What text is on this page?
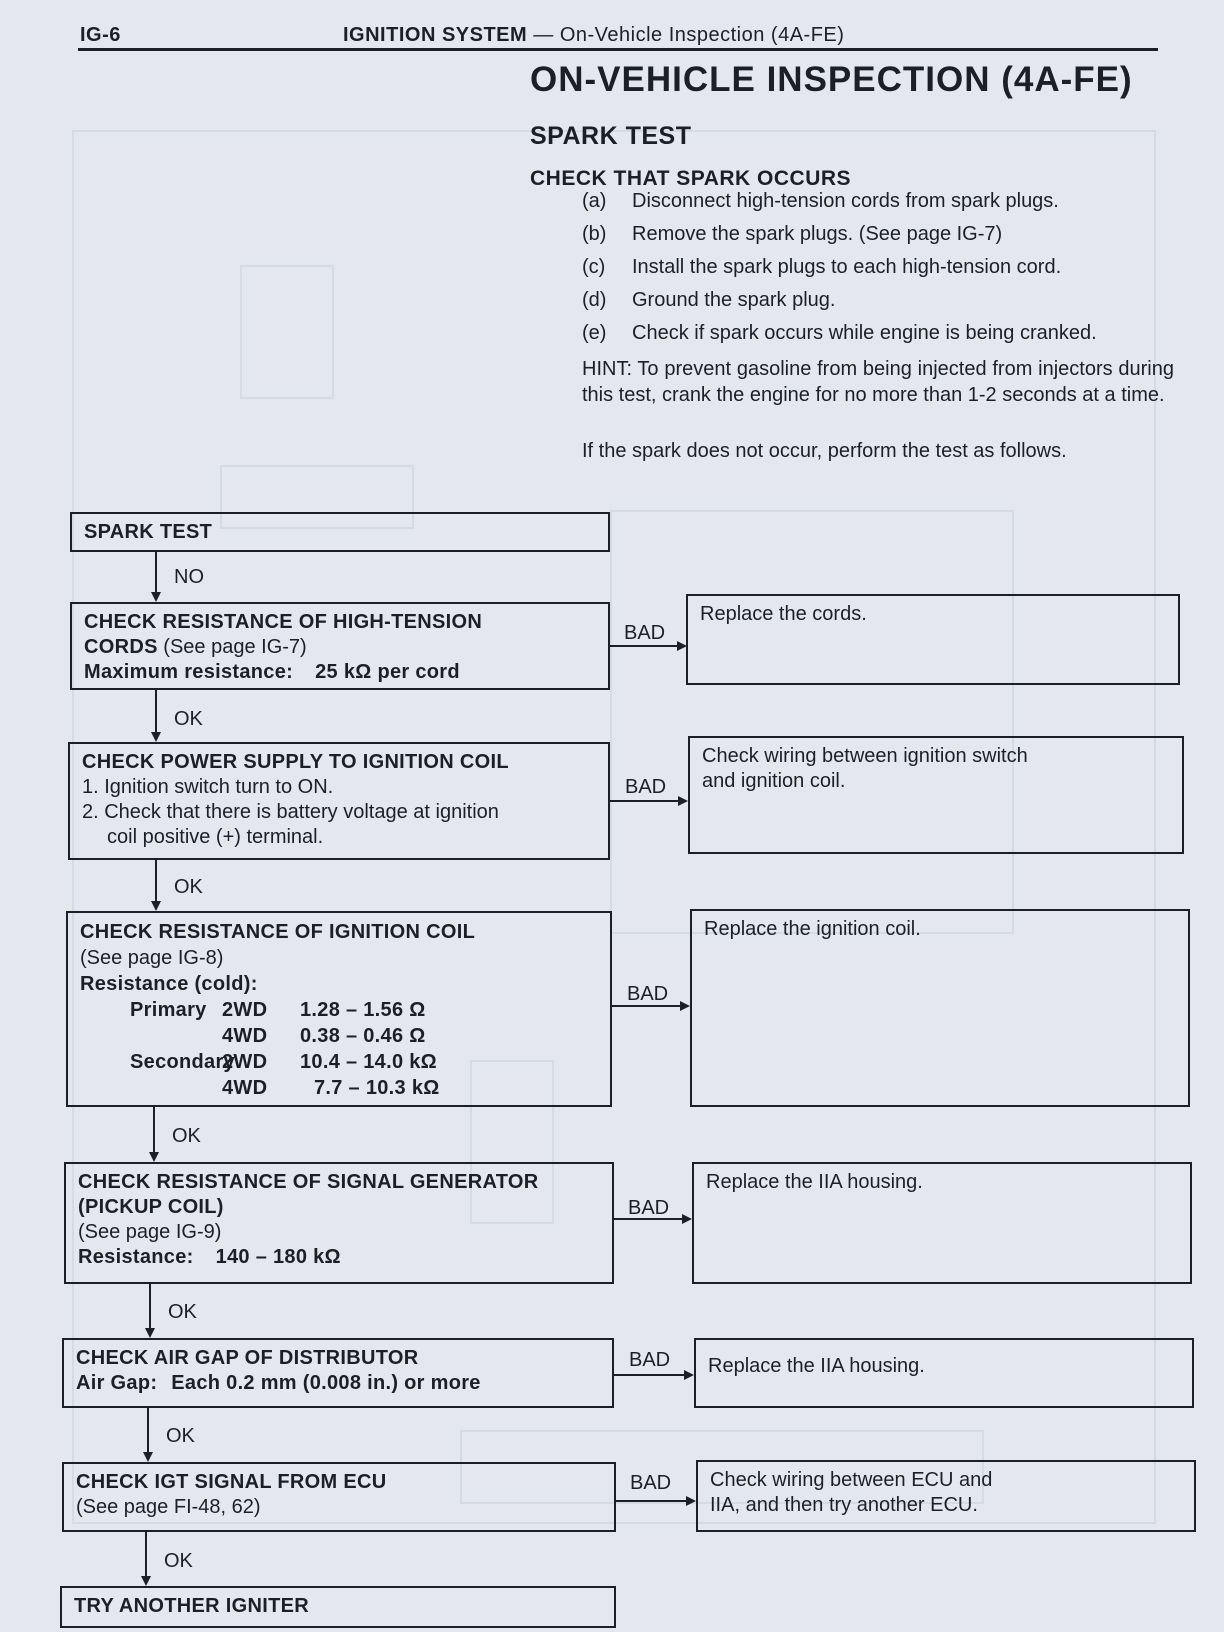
IG-6	IGNITION SYSTEM — On-Vehicle Inspection (4A-FE)
ON-VEHICLE INSPECTION (4A-FE)
SPARK TEST
CHECK THAT SPARK OCCURS
(a) Disconnect high-tension cords from spark plugs.
(b) Remove the spark plugs. (See page IG-7)
(c) Install the spark plugs to each high-tension cord.
(d) Ground the spark plug.
(e) Check if spark occurs while engine is being cranked.
HINT: To prevent gasoline from being injected from injectors during this test, crank the engine for no more than 1-2 seconds at a time.
If the spark does not occur, perform the test as follows.
SPARK TEST
NO
CHECK RESISTANCE OF HIGH-TENSION
CORDS (See page IG-7)
Maximum resistance: 25 kΩ per cord
BAD
Replace the cords.
OK
CHECK POWER SUPPLY TO IGNITION COIL
1. Ignition switch turn to ON.
2. Check that there is battery voltage at ignition
coil positive (+) terminal.
BAD
Check wiring between ignition switch
and ignition coil.
OK
CHECK RESISTANCE OF IGNITION COIL
(See page IG-8)
Resistance (cold):
Primary 2WD	1.28 – 1.56 Ω
4WD	0.38 – 0.46 Ω
Secondary
2WD	10.4 – 14.0 kΩ
4WD	7.7 – 10.3 kΩ
BAD
Replace the ignition coil.
OK
CHECK RESISTANCE OF SIGNAL GENERATOR
(PICKUP COIL)
(See page IG-9)
Resistance: 140 – 180 kΩ
BAD
Replace the IIA housing.
OK
CHECK AIR GAP OF DISTRIBUTOR
Air Gap: Each 0.2 mm (0.008 in.) or more
BAD Replace the IIA housing.
OK
CHECK IGT SIGNAL FROM ECU
(See page FI-48, 62)
BAD Check wiring between ECU and
IIA, and then try another ECU.
OK
TRY ANOTHER IGNITER
